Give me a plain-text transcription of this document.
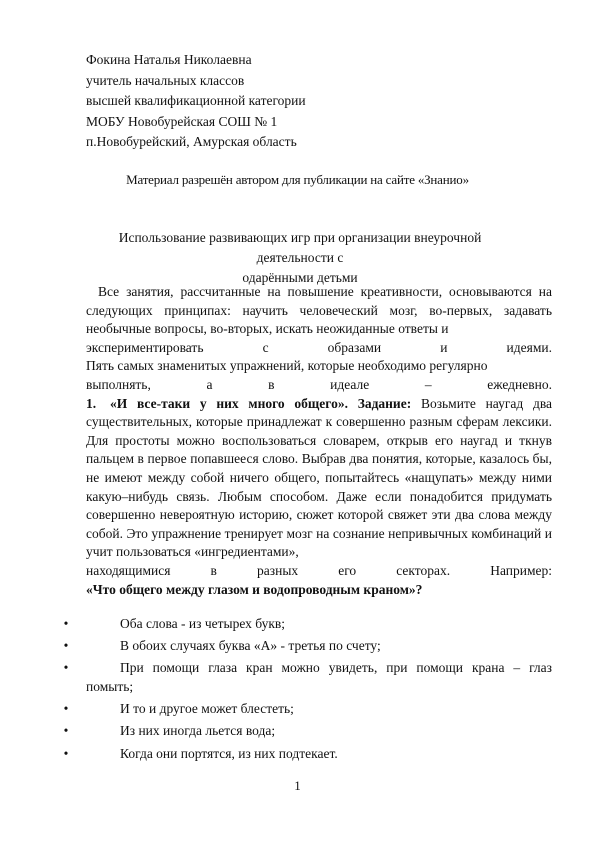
Фокина Наталья Николаевна
учитель начальных классов
высшей квалификационной категории
МОБУ Новобурейская СОШ № 1
п.Новобурейский, Амурская область
Материал разрешён автором для публикации на сайте «Знанио»
Использование развивающих игр при организации внеурочной деятельности с
одарёнными детьми

Все занятия, рассчитанные на повышение креативности, основываются на следующих принципах: научить человеческий мозг, во-первых, задавать необычные вопросы, во-вторых, искать неожиданные ответы и

экспериментировать с образами и идеями.

Пять самых знаменитых упражнений, которые необходимо регулярно

выполнять, а в идеале – ежедневно.

1. «И все-таки у них много общего». Задание: Возьмите наугад два существительных, которые принадлежат к совершенно разным сферам лексики. Для простоты можно воспользоваться словарем, открыв его наугад и ткнув пальцем в первое попавшееся слово. Выбрав два понятия, которые, казалось бы, не имеют между собой ничего общего, попытайтесь «нащупать» между ними какую–нибудь связь. Любым способом. Даже если понадобится придумать совершенно невероятную историю, сюжет которой свяжет эти два слова между собой. Это упражнение тренирует мозг на сознание непривычных комбинаций и учит пользоваться «ингредиентами»,

находящимися в разных его секторах. Например:

«Что общего между глазом и водопроводным краном»?

•	Оба слова - из четырех букв;
•	В обоих случаях буква «А» - третья по счету;
•	При помощи глаза кран можно увидеть, при помощи крана – глаз
помыть;
•	И то и другое может блестеть;
•	Из них иногда льется вода;
•	Когда они портятся, из них подтекает.
1
